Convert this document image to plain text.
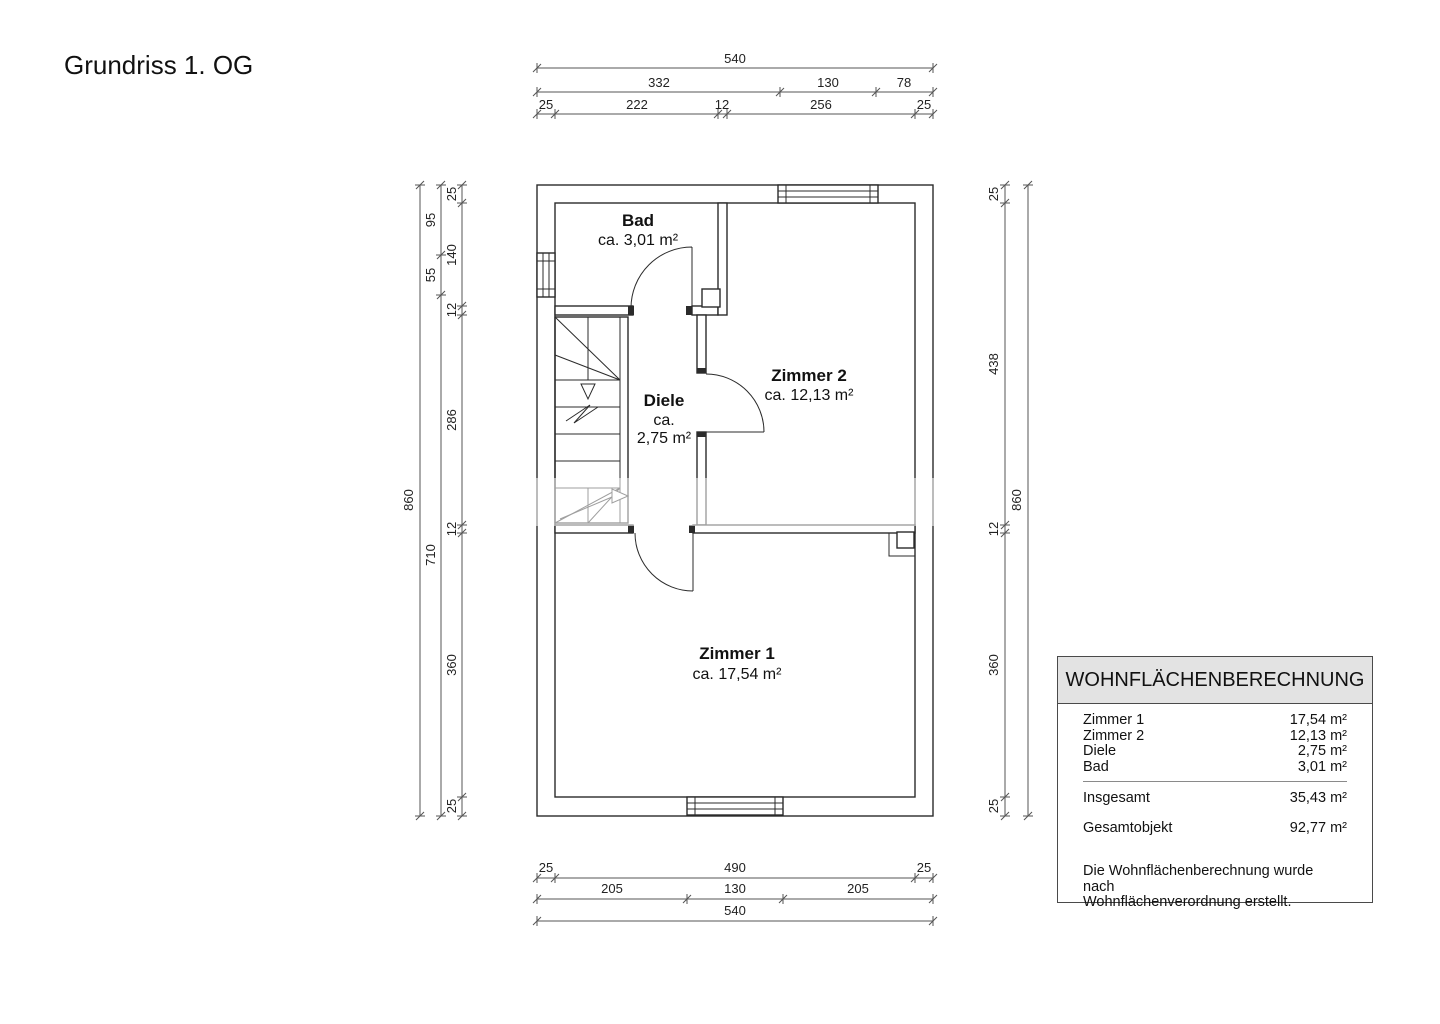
Grundriss 1. OG
Bad
ca. 3,01 m²
Zimmer 2
ca. 12,13 m²
Diele
ca.
2,75 m²
Zimmer 1
ca. 17,54 m²
540
332	130	78
25	222	12	256	25
860
95
55
710
25
140
12
286
12
360
25
25
438
12
360
25
860
25	490	25
205	130	205
540
WOHNFLÄCHENBERECHNUNG
Zimmer 1	17,54 m²
Zimmer 2	12,13 m²
Diele	2,75 m²
Bad	3,01 m²
Insgesamt	35,43 m²
Gesamtobjekt	92,77 m²
Die Wohnflächenberechnung wurde nach
Wohnflächenverordnung erstellt.
